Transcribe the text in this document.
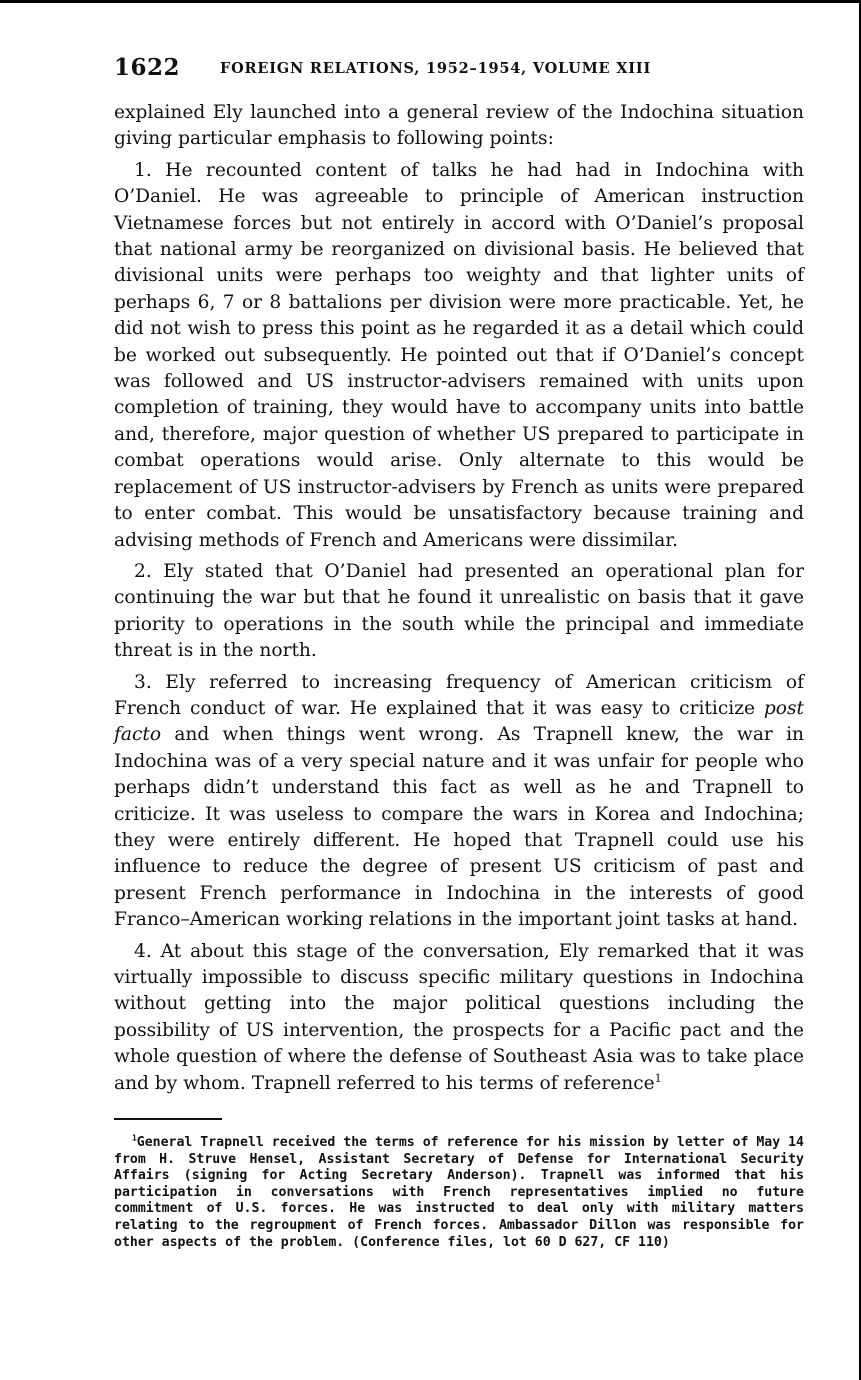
1622	FOREIGN RELATIONS, 1952–1954, VOLUME XIII

explained Ely launched into a general review of the Indochina situation giving particular emphasis to following points:

1. He recounted content of talks he had had in Indochina with O’Daniel. He was agreeable to principle of American instruction Vietnamese forces but not entirely in accord with O’Daniel’s proposal that national army be reorganized on divisional basis. He believed that divisional units were perhaps too weighty and that lighter units of perhaps 6, 7 or 8 battalions per division were more practicable. Yet, he did not wish to press this point as he regarded it as a detail which could be worked out subsequently. He pointed out that if O’Daniel’s concept was followed and US instructor-advisers remained with units upon completion of training, they would have to accompany units into battle and, therefore, major question of whether US prepared to participate in combat operations would arise. Only alternate to this would be replacement of US instructor-advisers by French as units were prepared to enter combat. This would be unsatisfactory because training and advising methods of French and Americans were dissimilar.

2. Ely stated that O’Daniel had presented an operational plan for continuing the war but that he found it unrealistic on basis that it gave priority to operations in the south while the principal and immediate threat is in the north.

3. Ely referred to increasing frequency of American criticism of French conduct of war. He explained that it was easy to criticize post facto and when things went wrong. As Trapnell knew, the war in Indochina was of a very special nature and it was unfair for people who perhaps didn’t understand this fact as well as he and Trapnell to criticize. It was useless to compare the wars in Korea and Indochina; they were entirely different. He hoped that Trapnell could use his influence to reduce the degree of present US criticism of past and present French performance in Indochina in the interests of good Franco–American working relations in the important joint tasks at hand.

4. At about this stage of the conversation, Ely remarked that it was virtually impossible to discuss specific military questions in Indochina without getting into the major political questions including the possibility of US intervention, the prospects for a Pacific pact and the whole question of where the defense of Southeast Asia was to take place and by whom. Trapnell referred to his terms of reference$^1$

$^1$General Trapnell received the terms of reference for his mission by letter of May 14 from H. Struve Hensel, Assistant Secretary of Defense for International Security Affairs (signing for Acting Secretary Anderson). Trapnell was informed that his participation in conversations with French representatives implied no future commitment of U.S. forces. He was instructed to deal only with military matters relating to the regroupment of French forces. Ambassador Dillon was responsible for other aspects of the problem. (Conference files, lot 60 D 627, CF 110)
